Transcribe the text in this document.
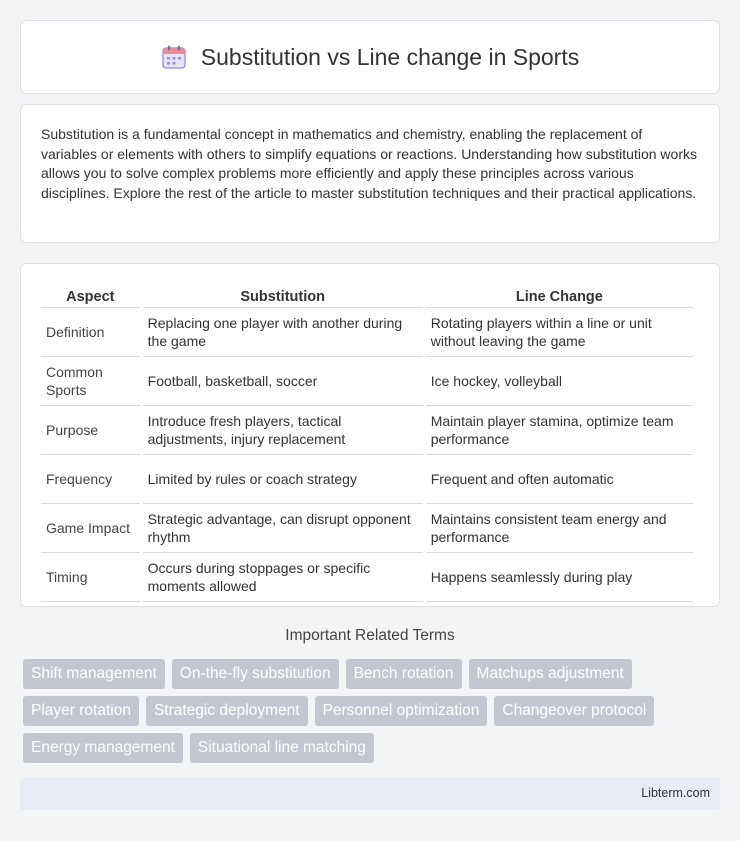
Substitution vs Line change in Sports

Substitution is a fundamental concept in mathematics and chemistry, enabling the replacement of variables or elements with others to simplify equations or reactions. Understanding how substitution works allows you to solve complex problems more efficiently and apply these principles across various disciplines. Explore the rest of the article to master substitution techniques and their practical applications.

Aspect	Substitution	Line Change
Definition	Replacing one player with another during the game	Rotating players within a line or unit without leaving the game
Common Sports	Football, basketball, soccer	Ice hockey, volleyball
Purpose	Introduce fresh players, tactical adjustments, injury replacement	Maintain player stamina, optimize team performance
Frequency	Limited by rules or coach strategy	Frequent and often automatic
Game Impact	Strategic advantage, can disrupt opponent rhythm	Maintains consistent team energy and performance
Timing	Occurs during stoppages or specific moments allowed	Happens seamlessly during play
Important Related Terms
Shift management	On-the-fly substitution	Bench rotation	Matchups adjustment
Player rotation	Strategic deployment	Personnel optimization	Changeover protocol
Energy management	Situational line matching
Libterm.com
